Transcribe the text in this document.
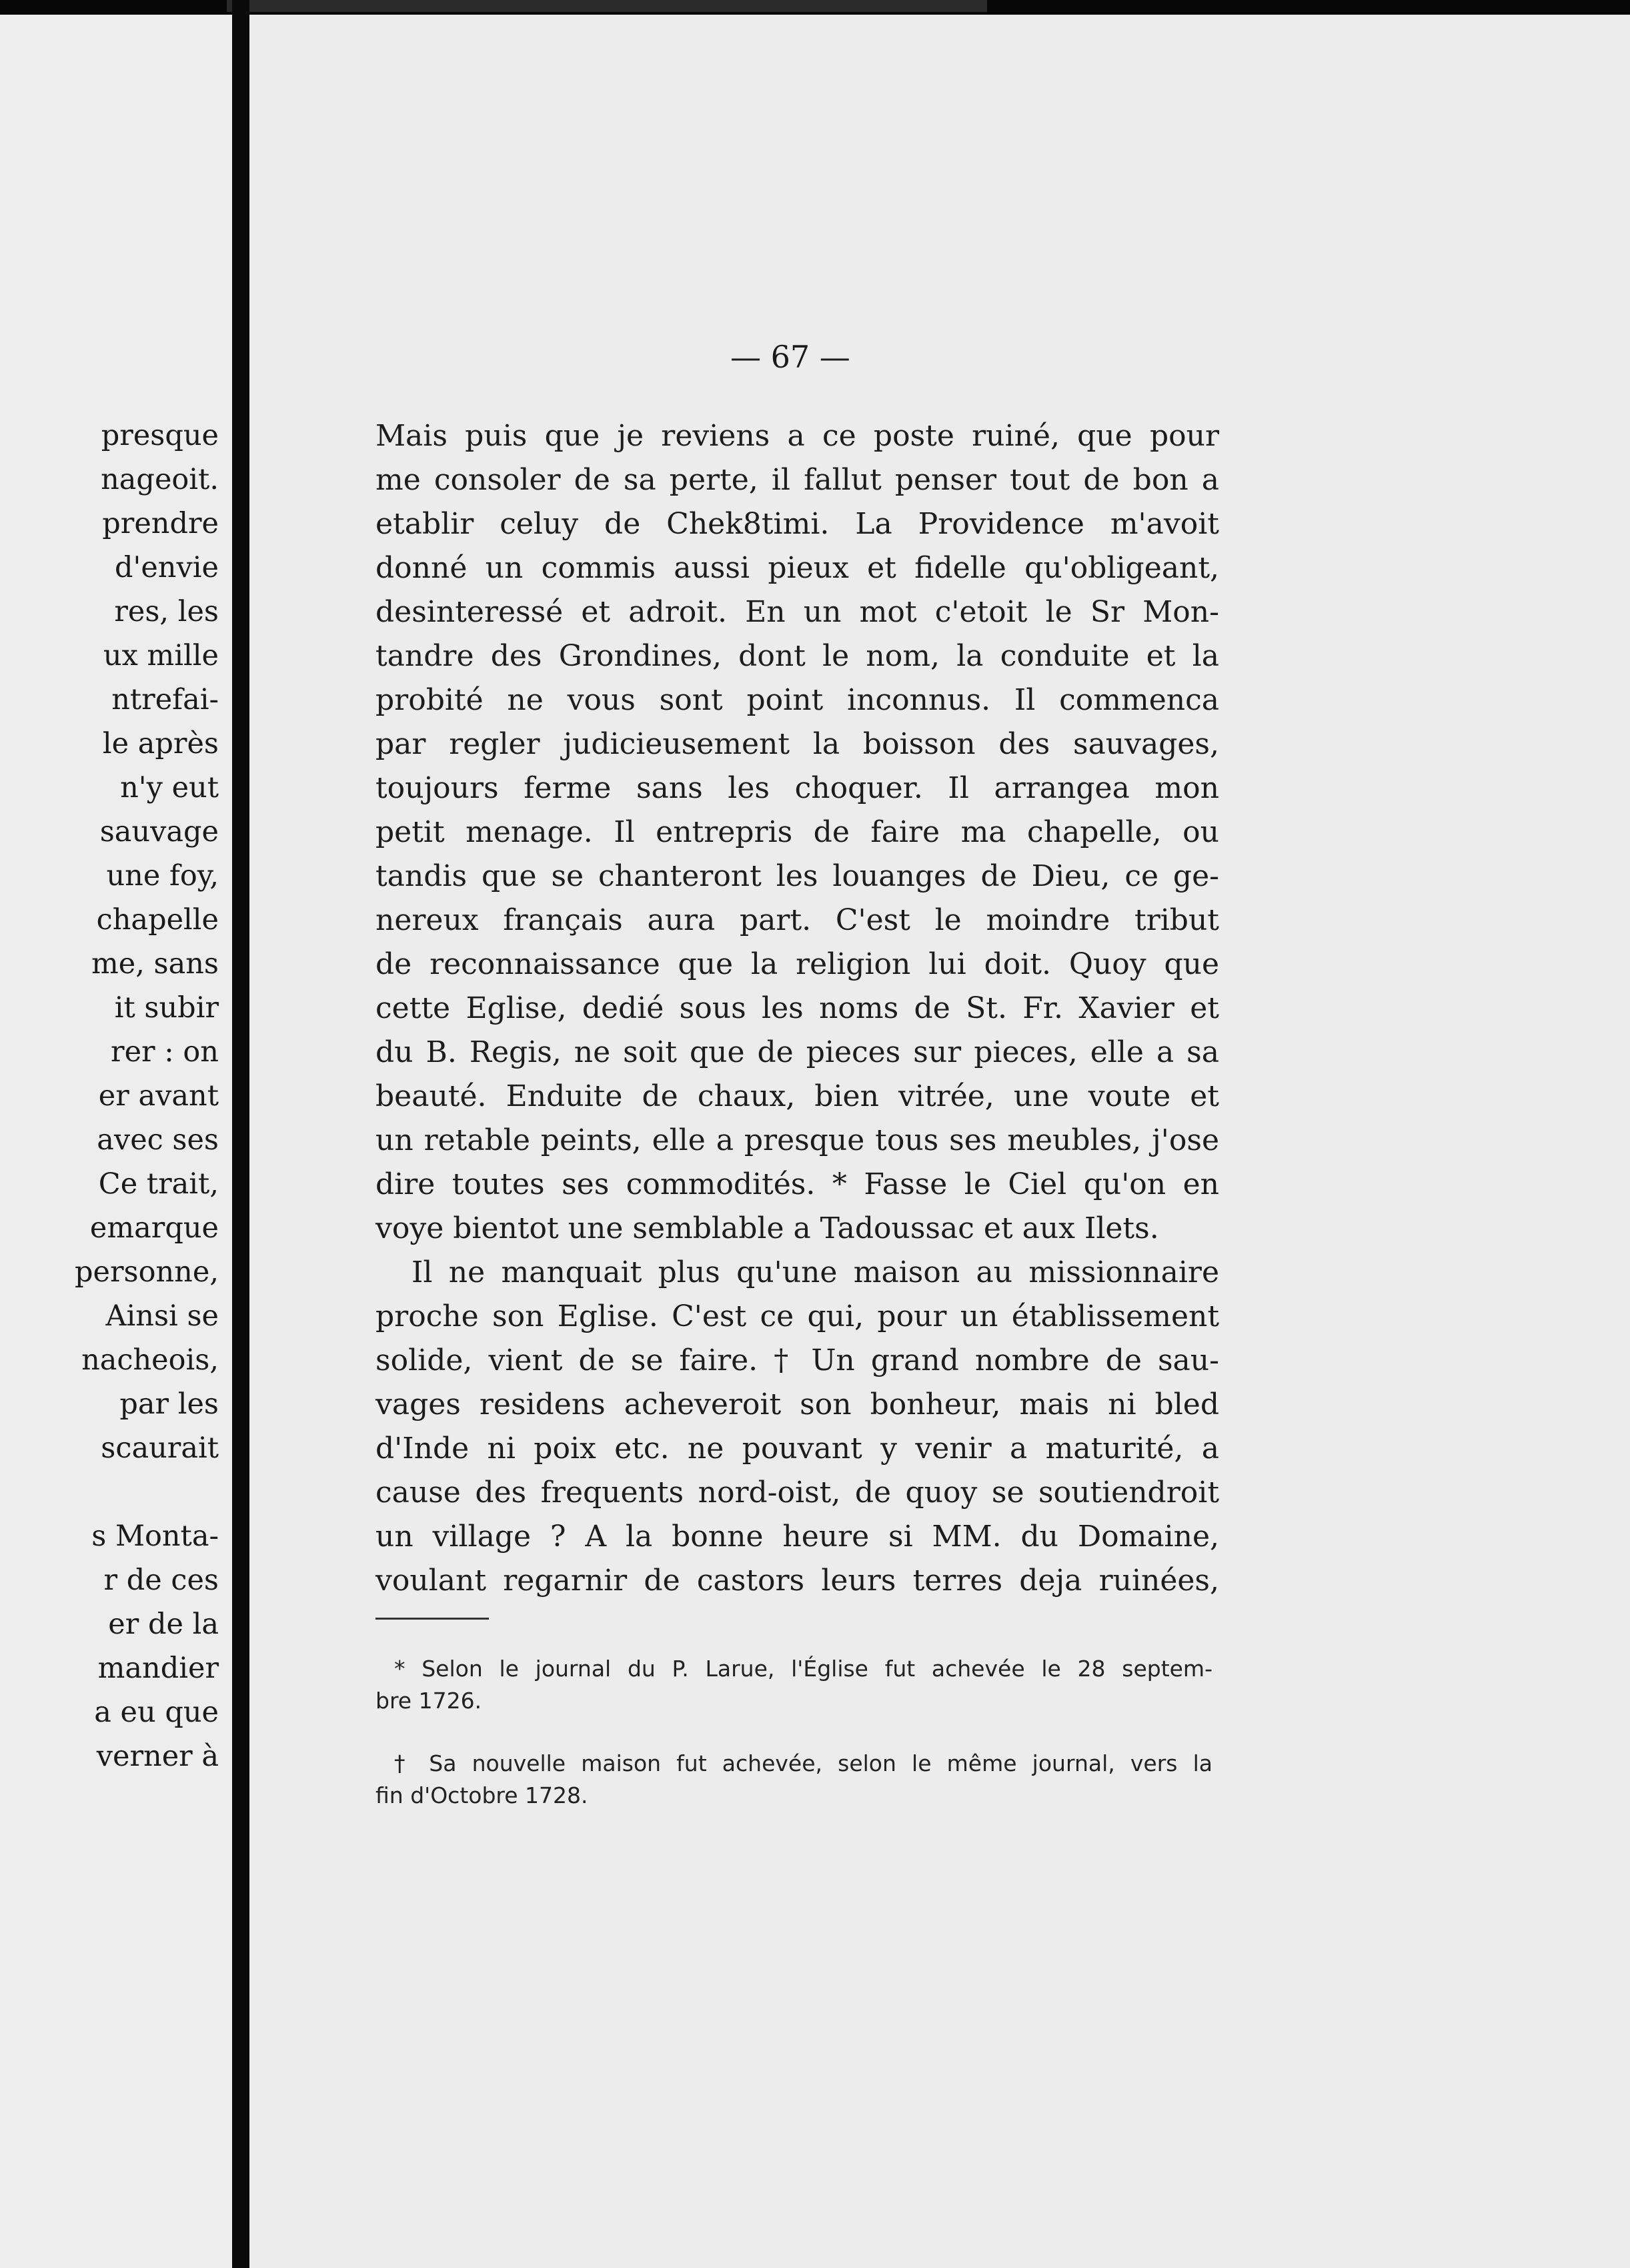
presque
nageoit.
prendre
d'envie
res, les
ux mille
ntrefai-
le après
n'y eut
sauvage
une foy,
chapelle
me, sans
it subir
rer : on
er avant
avec ses
Ce trait,
emarque
personne,
Ainsi se
nacheois,
par les
scaurait
s Monta-
r de ces
er de la
mandier
a eu que
verner à
— 67 —
Mais puis que je reviens a ce poste ruiné, que pour
me consoler de sa perte, il fallut penser tout de bon a
etablir celuy de Chek8timi. La Providence m'avoit
donné un commis aussi pieux et fidelle qu'obligeant,
desinteressé et adroit. En un mot c'etoit le Sr Mon-
tandre des Grondines, dont le nom, la conduite et la
probité ne vous sont point inconnus. Il commenca
par regler judicieusement la boisson des sauvages,
toujours ferme sans les choquer. Il arrangea mon
petit menage. Il entrepris de faire ma chapelle, ou
tandis que se chanteront les louanges de Dieu, ce ge-
nereux français aura part. C'est le moindre tribut
de reconnaissance que la religion lui doit. Quoy que
cette Eglise, dedié sous les noms de St. Fr. Xavier et
du B. Regis, ne soit que de pieces sur pieces, elle a sa
beauté. Enduite de chaux, bien vitrée, une voute et
un retable peints, elle a presque tous ses meubles, j'ose
dire toutes ses commodités. * Fasse le Ciel qu'on en
voye bientot une semblable a Tadoussac et aux Ilets.
Il ne manquait plus qu'une maison au missionnaire
proche son Eglise. C'est ce qui, pour un établissement
solide, vient de se faire. † Un grand nombre de sau-
vages residens acheveroit son bonheur, mais ni bled
d'Inde ni poix etc. ne pouvant y venir a maturité, a
cause des frequents nord-oist, de quoy se soutiendroit
un village ? A la bonne heure si MM. du Domaine,
voulant regarnir de castors leurs terres deja ruinées,
* Selon le journal du P. Larue, l'Église fut achevée le 28 septem-
bre 1726.
† Sa nouvelle maison fut achevée, selon le même journal, vers la
fin d'Octobre 1728.
